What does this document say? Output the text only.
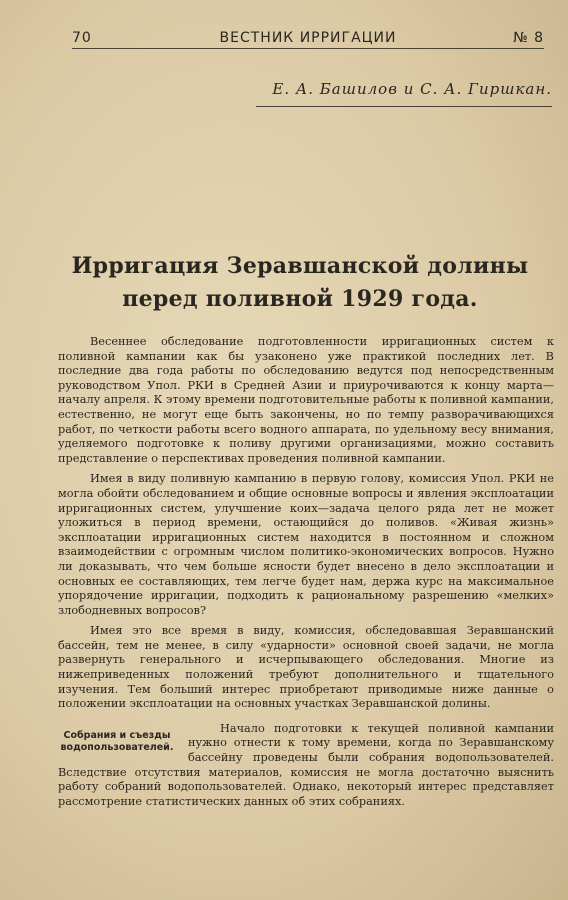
70	ВЕСТНИК ИРРИГАЦИИ	№ 8
Е. А. Башилов и С. А. Гиршкан.
Ирригация Зеравшанской долины перед поливной 1929 года.

Весеннее обследование подготовленности ирригационных систем к поливной кампании как бы узаконено уже практикой последних лет. В последние два года работы по обследованию ведутся под непосредственным руководством Упол. РКИ в Средней Азии и приурочиваются к концу марта—началу апреля. К этому времени подготовительные работы к поливной кампании, естественно, не могут еще быть закончены, но по темпу разворачивающихся работ, по четкости работы всего водного аппарата, по удельному весу внимания, уделяемого подготовке к поливу другими организациями, можно составить представление о перспективах проведения поливной кампании.

Имея в виду поливную кампанию в первую голову, комиссия Упол. РКИ не могла обойти обследованием и общие основные вопросы и явления эксплоатации ирригационных систем, улучшение коих—задача целого ряда лет не может уложиться в период времени, остающийся до поливов. «Живая жизнь» эксплоатации ирригационных систем находится в постоянном и сложном взаимодействии с огромным числом политико-экономических вопросов. Нужно ли доказывать, что чем больше ясности будет внесено в дело эксплоатации и основных ее составляющих, тем легче будет нам, держа курс на максимальное упорядочение ирригации, подходить к рациональному разрешению «мелких» злободневных вопросов?

Имея это все время в виду, комиссия, обследовавшая Зеравшанский бассейн, тем не менее, в силу «ударности» основной своей задачи, не могла развернуть генерального и исчерпывающего обследования. Многие из нижеприведенных положений требуют дополнительного и тщательного изучения. Тем больший интерес приобретают приводимые ниже данные о положении эксплоатации на основных участках Зеравшанской долины.

Собрания и съезды водопользователей.

Начало подготовки к текущей поливной кампании нужно отнести к тому времени, когда по Зеравшанскому бассейну проведены были собрания водопользователей. Вследствие отсутствия материалов, комиссия не могла достаточно выяснить работу собраний водопользователей. Однако, некоторый интерес представляет рассмотрение статистических данных об этих собраниях.
